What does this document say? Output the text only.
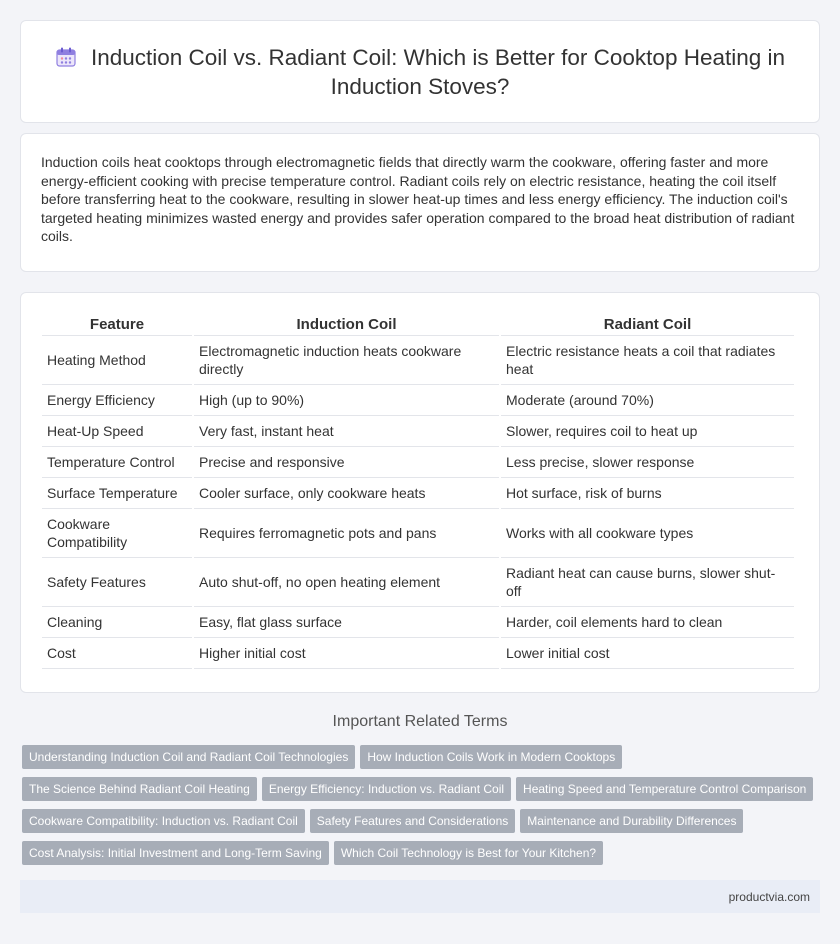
Induction Coil vs. Radiant Coil: Which is Better for Cooktop Heating in Induction Stoves?

Induction coils heat cooktops through electromagnetic fields that directly warm the cookware, offering faster and more energy-efficient cooking with precise temperature control. Radiant coils rely on electric resistance, heating the coil itself before transferring heat to the cookware, resulting in slower heat-up times and less energy efficiency. The induction coil's targeted heating minimizes wasted energy and provides safer operation compared to the broad heat distribution of radiant coils.

Feature	Induction Coil	Radiant Coil
Heating Method	Electromagnetic induction heats cookware directly	Electric resistance heats a coil that radiates heat
Energy Efficiency	High (up to 90%)	Moderate (around 70%)
Heat-Up Speed	Very fast, instant heat	Slower, requires coil to heat up
Temperature Control	Precise and responsive	Less precise, slower response
Surface Temperature	Cooler surface, only cookware heats	Hot surface, risk of burns
Cookware Compatibility	Requires ferromagnetic pots and pans	Works with all cookware types
Safety Features	Auto shut-off, no open heating element	Radiant heat can cause burns, slower shut-off
Cleaning	Easy, flat glass surface	Harder, coil elements hard to clean
Cost	Higher initial cost	Lower initial cost
Important Related Terms
Understanding Induction Coil and Radiant Coil Technologies How Induction Coils Work in Modern Cooktops
The Science Behind Radiant Coil Heating Energy Efficiency: Induction vs. Radiant Coil Heating Speed and Temperature Control Comparison
Cookware Compatibility: Induction vs. Radiant Coil Safety Features and Considerations Maintenance and Durability Differences
Cost Analysis: Initial Investment and Long-Term Saving Which Coil Technology is Best for Your Kitchen?
productvia.com
